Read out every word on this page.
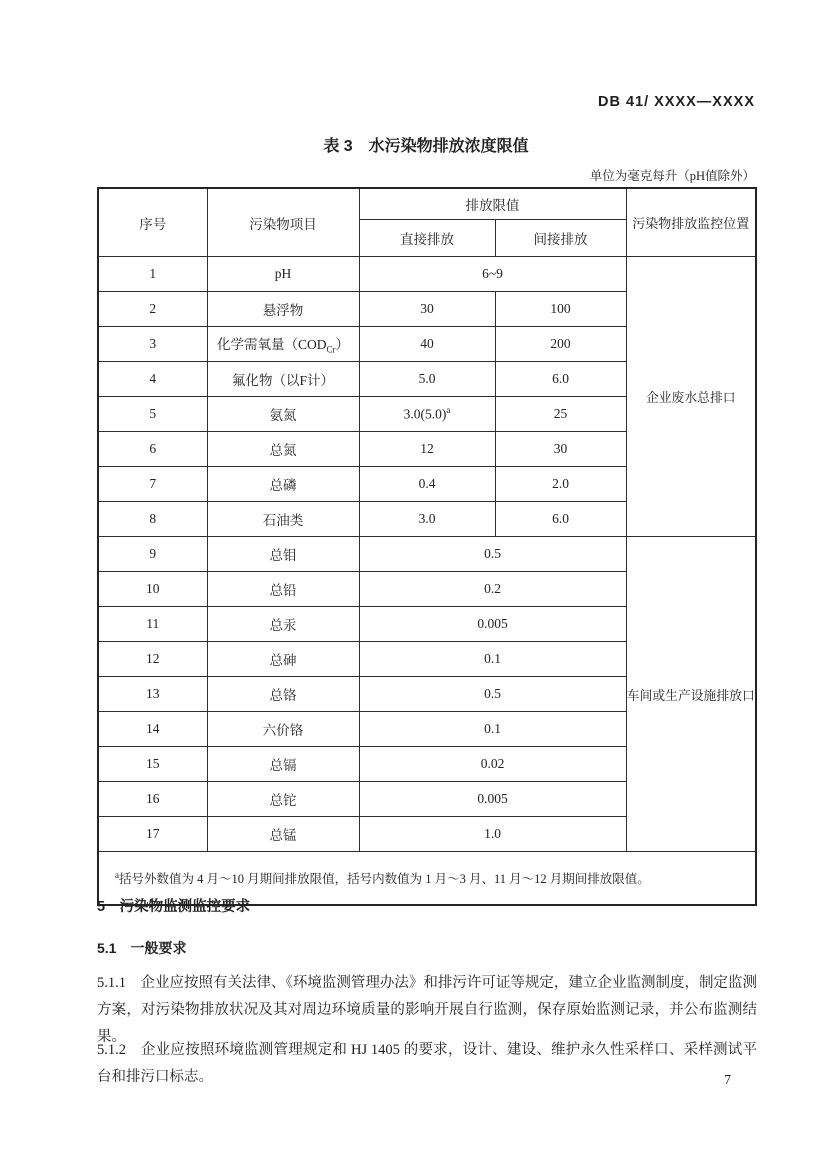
DB 41/ XXXX—XXXX
表 3　水污染物排放浓度限值
单位为毫克每升（pH值除外）
序号	污染物项目	排放限值		污染物排放监控位置
		直接排放	间接排放	
1	pH	6~9		企业废水总排口
2	悬浮物	30	100	
3	化学需氧量$(COD_{Cr})$	40	200	
4	氟化物（以F计）	5.0	6.0	
5	氨氮	$3.0(5.0)^a$	25	
6	总氮	12	30	
7	总磷	0.4	2.0	
8	石油类	3.0	6.0	
9	总钼	0.5		车间或生产设施排放口
10	总铅	0.2		
11	总汞	0.005		
12	总砷	0.1		
13	总铬	0.5		
14	六价铬	0.1		
15	总镉	0.02		
16	总铊	0.005		
17	总锰	1.0		
$^a$括号外数值为 4 月～10 月期间排放限值，括号内数值为 1 月～3 月、11 月～12 月期间排放限值。				
5　污染物监测监控要求
5.1　一般要求
5.1.1　企业应按照有关法律、《环境监测管理办法》和排污许可证等规定，建立企业监测制度，制定监测方案，对污染物排放状况及其对周边环境质量的影响开展自行监测，保存原始监测记录，并公布监测结果。
5.1.2　企业应按照环境监测管理规定和 HJ 1405 的要求，设计、建设、维护永久性采样口、采样测试平台和排污口标志。	7
